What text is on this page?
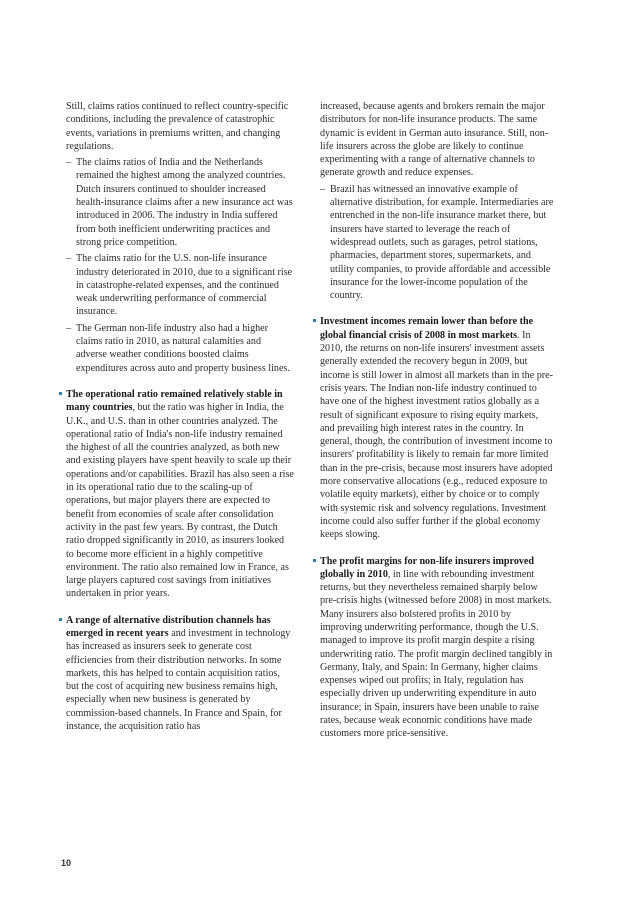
Still, claims ratios continued to reflect country-specific conditions, including the prevalence of catastrophic events, variations in premiums written, and changing regulations.

– The claims ratios of India and the Netherlands remained the highest among the analyzed countries. Dutch insurers continued to shoulder increased health-insurance claims after a new insurance act was introduced in 2006. The industry in India suffered from both inefficient underwriting practices and strong price competition.

– The claims ratio for the U.S. non-life insurance industry deteriorated in 2010, due to a significant rise in catastrophe-related expenses, and the continued weak underwriting performance of commercial insurance.

– The German non-life industry also had a higher claims ratio in 2010, as natural calamities and adverse weather conditions boosted claims expenditures across auto and property business lines.

The operational ratio remained relatively stable in many countries, but the ratio was higher in India, the U.K., and U.S. than in other countries analyzed. The operational ratio of India's non-life industry remained the highest of all the countries analyzed, as both new and existing players have spent heavily to scale up their operations and/or capabilities. Brazil has also seen a rise in its operational ratio due to the scaling-up of operations, but major players there are expected to benefit from economies of scale after consolidation activity in the past few years. By contrast, the Dutch ratio dropped significantly in 2010, as insurers looked to become more efficient in a highly competitive environment. The ratio also remained low in France, as large players captured cost savings from initiatives undertaken in prior years.

A range of alternative distribution channels has emerged in recent years and investment in technology has increased as insurers seek to generate cost efficiencies from their distribution networks. In some markets, this has helped to contain acquisition ratios, but the cost of acquiring new business remains high, especially when new business is generated by commission-based channels. In France and Spain, for instance, the acquisition ratio has

increased, because agents and brokers remain the major distributors for non-life insurance products. The same dynamic is evident in German auto insurance. Still, non-life insurers across the globe are likely to continue experimenting with a range of alternative channels to generate growth and reduce expenses.

– Brazil has witnessed an innovative example of alternative distribution, for example. Intermediaries are entrenched in the non-life insurance market there, but insurers have started to leverage the reach of widespread outlets, such as garages, petrol stations, pharmacies, department stores, supermarkets, and utility companies, to provide affordable and accessible insurance for the lower-income population of the country.

Investment incomes remain lower than before the global financial crisis of 2008 in most markets. In 2010, the returns on non-life insurers' investment assets generally extended the recovery begun in 2009, but income is still lower in almost all markets than in the pre-crisis years. The Indian non-life industry continued to have one of the highest investment ratios globally as a result of significant exposure to rising equity markets, and prevailing high interest rates in the country. In general, though, the contribution of investment income to insurers' profitability is likely to remain far more limited than in the pre-crisis, because most insurers have adopted more conservative allocations (e.g., reduced exposure to volatile equity markets), either by choice or to comply with systemic risk and solvency regulations. Investment income could also suffer further if the global economy keeps slowing.

The profit margins for non-life insurers improved globally in 2010, in line with rebounding investment returns, but they nevertheless remained sharply below pre-crisis highs (witnessed before 2008) in most markets. Many insurers also bolstered profits in 2010 by improving underwriting performance, though the U.S. managed to improve its profit margin despite a rising underwriting ratio. The profit margin declined tangibly in Germany, Italy, and Spain: In Germany, higher claims expenses wiped out profits; in Italy, regulation has especially driven up underwriting expenditure in auto insurance; in Spain, insurers have been unable to raise rates, because weak economic conditions have made customers more price-sensitive.

10
